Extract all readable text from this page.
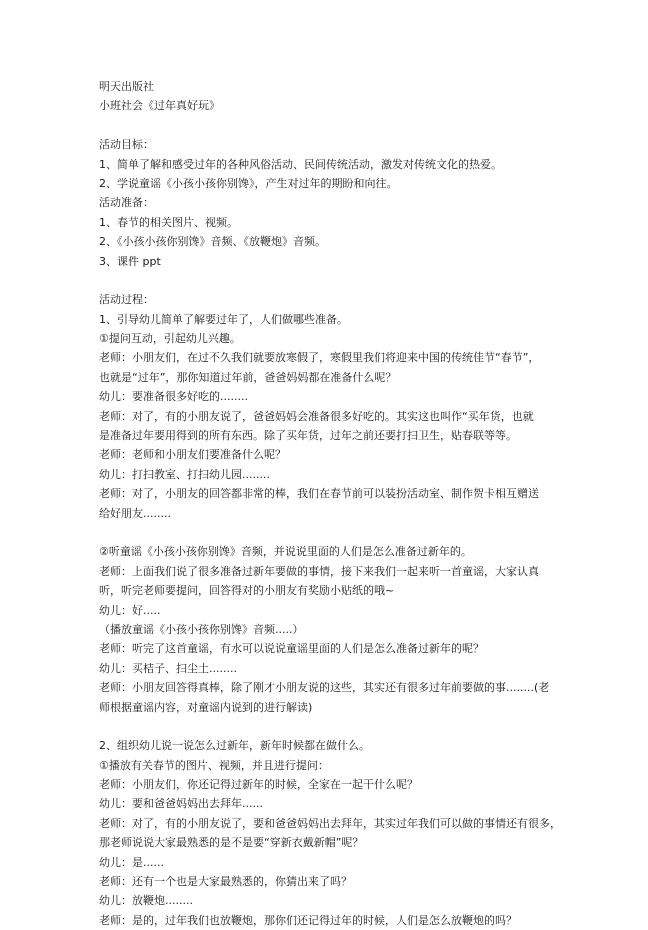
明天出版社
小班社会《过年真好玩》
活动目标：
1、简单了解和感受过年的各种风俗活动、民间传统活动，激发对传统文化的热爱。
2、学说童谣《小孩小孩你别馋》，产生对过年的期盼和向往。
活动准备：
1、春节的相关图片、视频。
2、《小孩小孩你别馋》音频、《放鞭炮》音频。
3、课件 ppt
活动过程：
1、引导幼儿简单了解要过年了，人们做哪些准备。
①提问互动，引起幼儿兴趣。
老师：小朋友们，在过不久我们就要放寒假了，寒假里我们将迎来中国的传统佳节“春节”，
也就是“过年”，那你知道过年前，爸爸妈妈都在准备什么呢？
幼儿：要准备很多好吃的........
老师：对了，有的小朋友说了，爸爸妈妈会准备很多好吃的。其实这也叫作“买年货，也就
是准备过年要用得到的所有东西。除了买年货，过年之前还要打扫卫生，贴春联等等。
老师：老师和小朋友们要准备什么呢？
幼儿：打扫教室、打扫幼儿园........
老师：对了，小朋友的回答都非常的棒，我们在春节前可以装扮活动室、制作贺卡相互赠送
给好朋友........
②听童谣《小孩小孩你别馋》音频，并说说里面的人们是怎么准备过新年的。
老师：上面我们说了很多准备过新年要做的事情，接下来我们一起来听一首童谣，大家认真
听，听完老师要提问，回答得对的小朋友有奖励小贴纸的哦~
幼儿：好.....
（播放童谣《小孩小孩你别馋》音频.....）
老师：听完了这首童谣，有水可以说说童谣里面的人们是怎么准备过新年的呢？
幼儿：买桔子、扫尘土........
老师：小朋友回答得真棒，除了刚才小朋友说的这些，其实还有很多过年前要做的事........(老
师根据童谣内容，对童谣内说到的进行解读)
2、组织幼儿说一说怎么过新年，新年时候都在做什么。
①播放有关春节的图片、视频，并且进行提问：
老师：小朋友们，你还记得过新年的时候，全家在一起干什么呢？
幼儿：要和爸爸妈妈出去拜年......
老师：对了，有的小朋友说了，要和爸爸妈妈出去拜年，其实过年我们可以做的事情还有很多，
那老师说说大家最熟悉的是不是要“穿新衣戴新帽”呢？
幼儿：是......
老师：还有一个也是大家最熟悉的，你猜出来了吗？
幼儿：放鞭炮........
老师：是的，过年我们也放鞭炮，那你们还记得过年的时候，人们是怎么放鞭炮的吗？
